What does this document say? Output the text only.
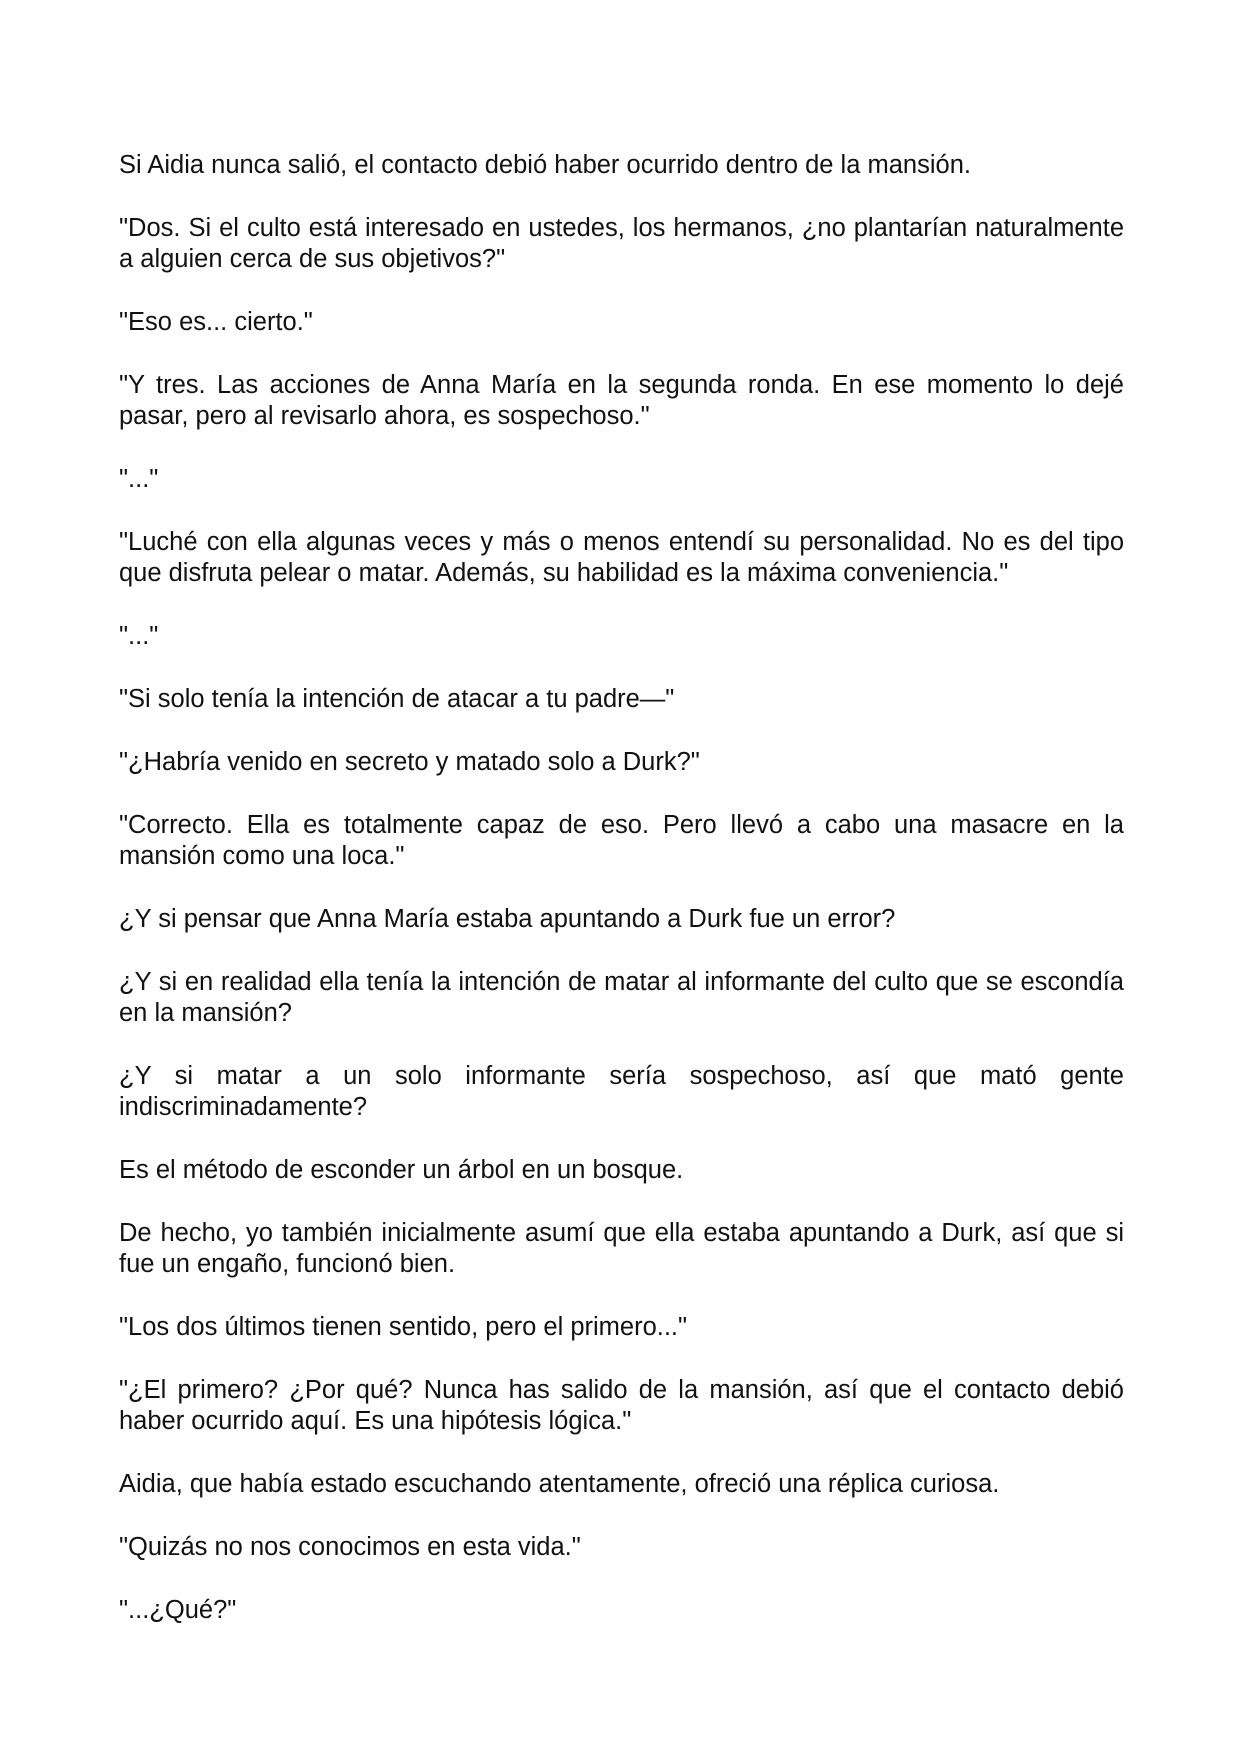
Si Aidia nunca salió, el contacto debió haber ocurrido dentro de la mansión.

"Dos. Si el culto está interesado en ustedes, los hermanos, ¿no plantarían naturalmente a alguien cerca de sus objetivos?"

"Eso es... cierto."

"Y tres. Las acciones de Anna María en la segunda ronda. En ese momento lo dejé pasar, pero al revisarlo ahora, es sospechoso."

"..."

"Luché con ella algunas veces y más o menos entendí su personalidad. No es del tipo que disfruta pelear o matar. Además, su habilidad es la máxima conveniencia."

"..."

"Si solo tenía la intención de atacar a tu padre—"

"¿Habría venido en secreto y matado solo a Durk?"

"Correcto. Ella es totalmente capaz de eso. Pero llevó a cabo una masacre en la mansión como una loca."

¿Y si pensar que Anna María estaba apuntando a Durk fue un error?

¿Y si en realidad ella tenía la intención de matar al informante del culto que se escondía en la mansión?

¿Y si matar a un solo informante sería sospechoso, así que mató gente indiscriminadamente?

Es el método de esconder un árbol en un bosque.

De hecho, yo también inicialmente asumí que ella estaba apuntando a Durk, así que si fue un engaño, funcionó bien.

"Los dos últimos tienen sentido, pero el primero..."

"¿El primero? ¿Por qué? Nunca has salido de la mansión, así que el contacto debió haber ocurrido aquí. Es una hipótesis lógica."

Aidia, que había estado escuchando atentamente, ofreció una réplica curiosa.

"Quizás no nos conocimos en esta vida."

"...¿Qué?"
